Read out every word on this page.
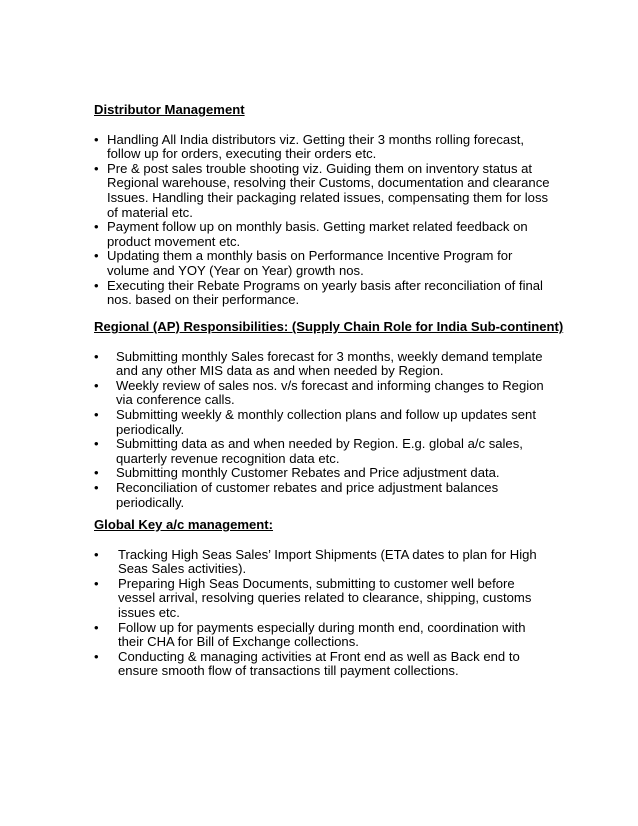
Distributor Management

• Handling All India distributors viz. Getting their 3 months rolling forecast, follow up for orders, executing their orders etc.
• Pre & post sales trouble shooting viz. Guiding them on inventory status at Regional warehouse, resolving their Customs, documentation and clearance Issues. Handling their packaging related issues, compensating them for loss of material etc.
• Payment follow up on monthly basis. Getting market related feedback on product movement etc.
• Updating them a monthly basis on Performance Incentive Program for volume and YOY (Year on Year) growth nos.
• Executing their Rebate Programs on yearly basis after reconciliation of final nos. based on their performance.

Regional (AP) Responsibilities: (Supply Chain Role for India Sub-continent)

• Submitting monthly Sales forecast for 3 months, weekly demand template and any other MIS data as and when needed by Region.
• Weekly review of sales nos. v/s forecast and informing changes to Region via conference calls.
• Submitting weekly & monthly collection plans and follow up updates sent periodically.
• Submitting data as and when needed by Region. E.g. global a/c sales, quarterly revenue recognition data etc.
• Submitting monthly Customer Rebates and Price adjustment data.
• Reconciliation of customer rebates and price adjustment balances periodically.

Global Key a/c management:

• Tracking High Seas Sales’ Import Shipments (ETA dates to plan for High Seas Sales activities).
• Preparing High Seas Documents, submitting to customer well before vessel arrival, resolving queries related to clearance, shipping, customs issues etc.
• Follow up for payments especially during month end, coordination with their CHA for Bill of Exchange collections.
• Conducting & managing activities at Front end as well as Back end to ensure smooth flow of transactions till payment collections.
